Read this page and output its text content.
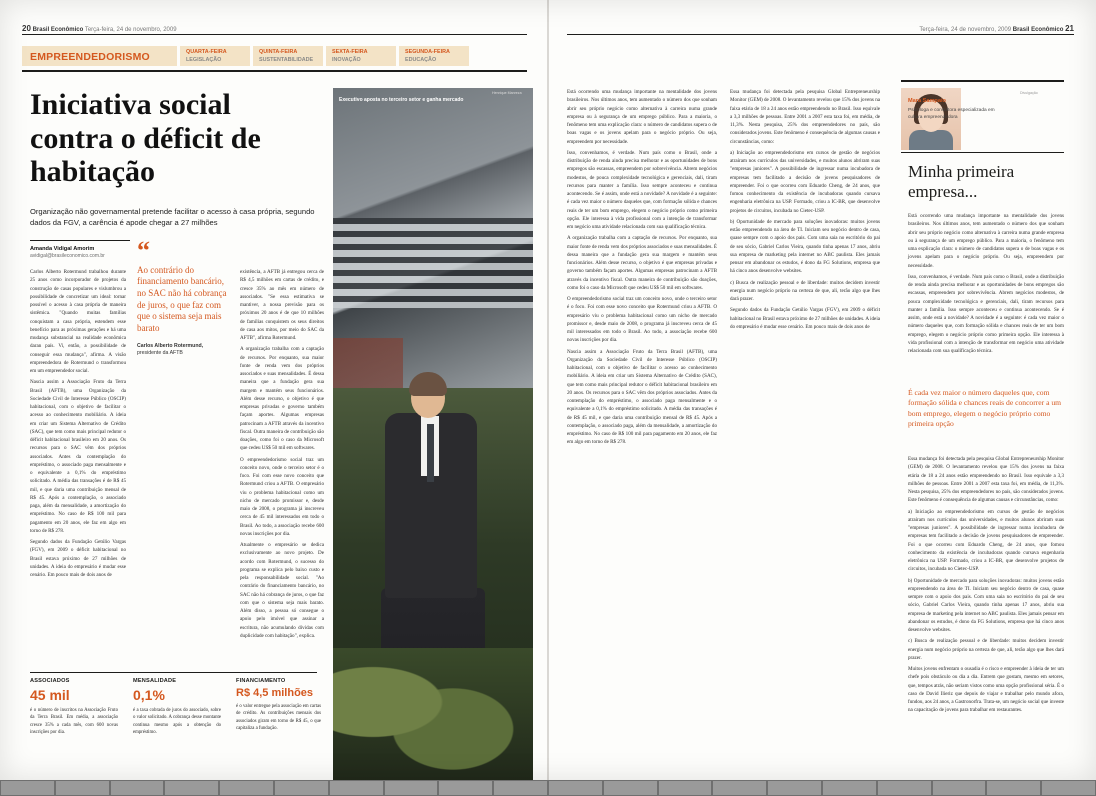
20 Brasil Econômico Terça-feira, 24 de novembro, 2009	Terça-feira, 24 de novembro, 2009 Brasil Econômico 21
EMPREENDEDORISMO	QUARTA-FEIRA
LEGISLAÇÃO
QUINTA-FEIRA
SUSTENTABILIDADE
SEXTA-FEIRA
INOVAÇÃO
SEGUNDA-FEIRA
EDUCAÇÃO
Iniciativa social contra o déficit de habitação
Organização não governamental pretende facilitar o acesso à casa própria, segundo dados da FGV, a carência é apode chegar a 27 milhões
Amanda Vidigal Amorim
avidigal@brasileconomico.com.br	“
Ao contrário do financiamento bancário, no SAC não há cobrança de juros, o que faz com que o sistema seja mais barato
Carlos Alberto Rotermund,
presidente da AFTB

Carlos Alberto Rotermund trabalhou durante 25 anos como incorporador de projetos da construção de casas populares e vislumbrou a possibilidade de concretizar um ideal: tornar possível o acesso à casa própria de maneira sistêmica. "Quando muitas famílias conquistam a casa própria, estendem esse benefício para as próximas gerações e há uma mudança substancial na realidade econômica daran país. Vi, então, a possibilidade de conseguir essa mudança", afirma. A visão empreendedora de Rotermund o transformou em um empreendedor social.

Nascia assim a Associação Fruto da Terra Brasil (AFTB), uma Organização da Sociedade Civil de Interesse Público (OSCIP) habitacional, com o objetivo de facilitar o acesso ao conhecimento mobiliário. A ideia em criar um Sistema Alternativo de Crédito (SAC), que tem como mais principal redutor o déficit habitacional brasileiro em 20 anos. Os recursos para o SAC vêm dos próprios associados. Antes da contemplação do empréstimo, o associado paga mensalmente e o equivalente a 0,1% do empréstimo solicitado. A média das transações é de R$ 45 mil, e que daria uma contribuição mensal de R$ 45. Após a contemplação, o associado paga, além da mensalidade, a amortização do empréstimo. No caso de R$ 100 mil para pagamento em 20 anos, ele faz em algo em torno de R$ 278.

Segundo dados da Fundação Getúlio Vargas (FGV), em 2009 o déficit habitacional no Brasil estava próximo de 27 milhões de unidades. A ideia do empresário é mudar esse cenário. Em pouco mais de dois anos de

existência, a AFTB já entregou cerca de R$ 4,5 milhões em cartas de crédito, e cresce 35% ao mês em número de associados. "Se essa estimativa se mantiver, a nossa previsão para os próximos 20 anos é de que 10 milhões de famílias conquistem os seus direitos de casa aos mitos, por meio do SAC da AFTB", afirma Rotermund.

A organização trabalha com a captação de recursos. Por enquanto, sua maior fonte de renda vem dos próprios associados e suas mensalidades. É dessa maneira que a fundação gera sua margem e mantém seus funcionários. Além desse recurso, o objetivo é que empresas privadas e governo também façam aportes. Algumas empresas patrocinam a AFTB através da incentivo fiscal. Outra maneira de contribuição são doações, como foi o caso da Microsoft que cedeu US$ 50 mil em softwares.

O empreendedorismo social traz um conceito novo, onde o terceiro setor é o foco. Foi com esse novo conceito que Rotermund criou a AFTB. O empresário viu o problema habitacional como um nicho de mercado promissor e, desde maio de 2008, o programa já inscreveu cerca de 45 mil interessados em todo o Brasil. Ao todo, a associação recebe 600 novas inscrições por dia.

Atualmente o empresário se dedica exclusivamente ao novo projeto. De acordo com Rotermund, o sucesso do programa se explica pelo baixo custo e pela responsabilidade social. "Ao contrário do financiamento bancário, no SAC não há cobrança de juros, o que faz com que o sistema seja mais barato. Além disso, a pessoa só consegue o apoio pelo imóvel que assinar a escritura, não acumulando dívidas com duplicidade com habitação", explica.

Executivo aposta no terceiro setor e ganha mercado
Henrique Manreza
ASSOCIADOS
45 mil
é o número de inscritos na Associação Fruto da Terra Brasil. Em média, a associação cresce 35% a cada mês, com 600 novas inscrições por dia.
MENSALIDADE
0,1%
é a taxa cobrada de juros do associado, sobre o valor solicitado. A cobrança desse montante continua mesmo após a obtenção do empréstimo.
FINANCIAMENTO
R$ 4,5 milhões
é o valor entregue pela associação em cartas de crédito. As contribuições mensais dos associados giram em torno de R$ 45, o que capitaliza a fundação.
Mara Sampaio
Psicóloga e consultora especializada em cultura empreendedora
Divulgação
Minha primeira empresa...

Está ocorrendo uma mudança importante na mentalidade dos jovens brasileiros. Nos últimos anos, tem aumentado o número dos que sonham abrir seu próprio negócio como alternativa à carreira numa grande empresa ou à segurança de um emprego público. Para a maioria, o fenômeno tem uma explicação clara: o número de candidatos supera o de boas vagas e os jovens apelam para o negócio próprio. Ou seja, empreendem por necessidade.

Isso, convenhamos, é verdade. Num país como o Brasil, onde a distribuição de renda ainda precisa melhorar e as oportunidades de bons empregos são escassas, empreendem por sobrevivência. Abrem negócios modestos, de pouca complexidade tecnológica e gerenciais, dali, tiram recursos para manter a família. Isso sempre aconteceu e continua acontecendo. Se é assim, onde está a novidade? A novidade é a seguinte: é cada vez maior o número daqueles que, com formação sólida e chances reais de ter um bom emprego, elegem o negócio próprio como primeira opção. Ele interessa à vida profissional com a intenção de transformar em negócio uma atividade relacionada com sua qualificação técnica.

É cada vez maior o número daqueles que, com formação sólida e chances reais de concorrer a um bom emprego, elegem o negócio próprio como primeira opção

Essa mudança foi detectada pela pesquisa Global Entrepreneurship Monitor (GEM) de 2008. O levantamento revelou que 15% dos jovens na faixa etária de 18 a 24 anos estão empreendendo no Brasil. Isso equivale a 3,3 milhões de pessoas. Entre 2001 a 2007 esta taxa foi, em média, de 11,3%. Nesta pesquisa, 25% dos empreendedores no país, são considerados jovens. Este fenômeno é consequência de algumas causas e circunstâncias, como:

a) Iniciação ao empreendedorismo em cursos de gestão de negócios atraíram nos currículos das universidades, e muitos alunos abriram suas "empresas juniores". A possibilidade de ingressar numa incubadora de empresas tem facilitado a decisão de jovens pesquisadores de empreender. Foi o que ocorreu com Eduardo Cheng, de 24 anos, que fomou conhecimento da existência de incubadoras quando cursava engenharia eletrônica na USP. Formado, criou a IC-BR, que desenvolve projetos de circuitos, incubada no Cietec-USP.

b) Oportunidade de mercado para soluções inovadoras: muitos jovens estão empreendendo na área de TI. Iniciam seu negócio dentro de casa, quase sempre com o apoio dos pais. Com uma saia no escritório do pai de seu sócio, Gabriel Carlos Vieira, quando tinha apenas 17 anos, abriu sua empresa de marketing pela internet no ABC paulista. Eles jamais pensar em abandonar os estudos, é dono da FG Solutions, empresa que há cinco anos desenvolve websites.

c) Busca de realização pessoal e de liberdade: muitos decidem investir energia num negócio próprio na certeza de que, ali, terão algo que lhes dará prazer.

Muitos jovens enfrentam o ousadia é o risco e empreender à ideia de ter um chefe pois obstáculo ou dia a dia. Entrem que gostam, mesmo em setores, que, tempos atrás, não seriam vistos como uma opção profissional séria. É o caso de David Ilieriz que depois de viajar e trabalhar pelo mundo afora, fundou, aos 24 anos, a Gastronorfra. Trata-se, um negócio social que investe na capacitação de jovens para trabalhar em restaurantes.

Está ocorrendo uma mudança importante na mentalidade dos jovens brasileiros. Nos últimos anos, tem aumentado o número dos que sonham abrir seu próprio negócio como alternativa à carreira numa grande empresa ou à segurança de um emprego público. Para a maioria, o fenômeno tem uma explicação clara: o número de candidatos supera o de boas vagas e os jovens apelam para o negócio próprio. Ou seja, empreendem por necessidade.

Isso, convenhamos, é verdade. Num país como o Brasil, onde a distribuição de renda ainda precisa melhorar e as oportunidades de bons empregos são escassas, empreendem por sobrevivência. Abrem negócios modestos, de pouca complexidade tecnológica e gerenciais, dali, tiram recursos para manter a família. Isso sempre aconteceu e continua acontecendo. Se é assim, onde está a novidade? A novidade é a seguinte: é cada vez maior o número daqueles que, com formação sólida e chances reais de ter um bom emprego, elegem o negócio próprio como primeira opção. Ele interessa à vida profissional com a intenção de transformar em negócio uma atividade relacionada com sua qualificação técnica.

A organização trabalha com a captação de recursos. Por enquanto, sua maior fonte de renda vem dos próprios associados e suas mensalidades. É dessa maneira que a fundação gera sua margem e mantém seus funcionários. Além desse recurso, o objetivo é que empresas privadas e governo também façam aportes. Algumas empresas patrocinam a AFTB através da incentivo fiscal. Outra maneira de contribuição são doações, como foi o caso da Microsoft que cedeu US$ 50 mil em softwares.

O empreendedorismo social traz um conceito novo, onde o terceiro setor é o foco. Foi com esse novo conceito que Rotermund criou a AFTB. O empresário viu o problema habitacional como um nicho de mercado promissor e, desde maio de 2008, o programa já inscreveu cerca de 45 mil interessados em todo o Brasil. Ao todo, a associação recebe 600 novas inscrições por dia.

Nascia assim a Associação Fruto da Terra Brasil (AFTB), uma Organização da Sociedade Civil de Interesse Público (OSCIP) habitacional, com o objetivo de facilitar o acesso ao conhecimento mobiliário. A ideia em criar um Sistema Alternativo de Crédito (SAC), que tem como mais principal redutor o déficit habitacional brasileiro em 20 anos. Os recursos para o SAC vêm dos próprios associados. Antes da contemplação do empréstimo, o associado paga mensalmente e o equivalente a 0,1% do empréstimo solicitado. A média das transações é de R$ 45 mil, e que daria uma contribuição mensal de R$ 45. Após a contemplação, o associado paga, além da mensalidade, a amortização do empréstimo. No caso de R$ 100 mil para pagamento em 20 anos, ele faz em algo em torno de R$ 278.

Essa mudança foi detectada pela pesquisa Global Entrepreneurship Monitor (GEM) de 2008. O levantamento revelou que 15% dos jovens na faixa etária de 18 a 24 anos estão empreendendo no Brasil. Isso equivale a 3,3 milhões de pessoas. Entre 2001 a 2007 esta taxa foi, em média, de 11,3%. Nesta pesquisa, 25% dos empreendedores no país, são considerados jovens. Este fenômeno é consequência de algumas causas e circunstâncias, como:

a) Iniciação ao empreendedorismo em cursos de gestão de negócios atraíram nos currículos das universidades, e muitos alunos abriram suas "empresas juniores". A possibilidade de ingressar numa incubadora de empresas tem facilitado a decisão de jovens pesquisadores de empreender. Foi o que ocorreu com Eduardo Cheng, de 24 anos, que fomou conhecimento da existência de incubadoras quando cursava engenharia eletrônica na USP. Formado, criou a IC-BR, que desenvolve projetos de circuitos, incubada no Cietec-USP.

b) Oportunidade de mercado para soluções inovadoras: muitos jovens estão empreendendo na área de TI. Iniciam seu negócio dentro de casa, quase sempre com o apoio dos pais. Com uma saia no escritório do pai de seu sócio, Gabriel Carlos Vieira, quando tinha apenas 17 anos, abriu sua empresa de marketing pela internet no ABC paulista. Eles jamais pensar em abandonar os estudos, é dono da FG Solutions, empresa que há cinco anos desenvolve websites.

c) Busca de realização pessoal e de liberdade: muitos decidem investir energia num negócio próprio na certeza de que, ali, terão algo que lhes dará prazer.

Segundo dados da Fundação Getúlio Vargas (FGV), em 2009 o déficit habitacional no Brasil estava próximo de 27 milhões de unidades. A ideia do empresário é mudar esse cenário. Em pouco mais de dois anos de
